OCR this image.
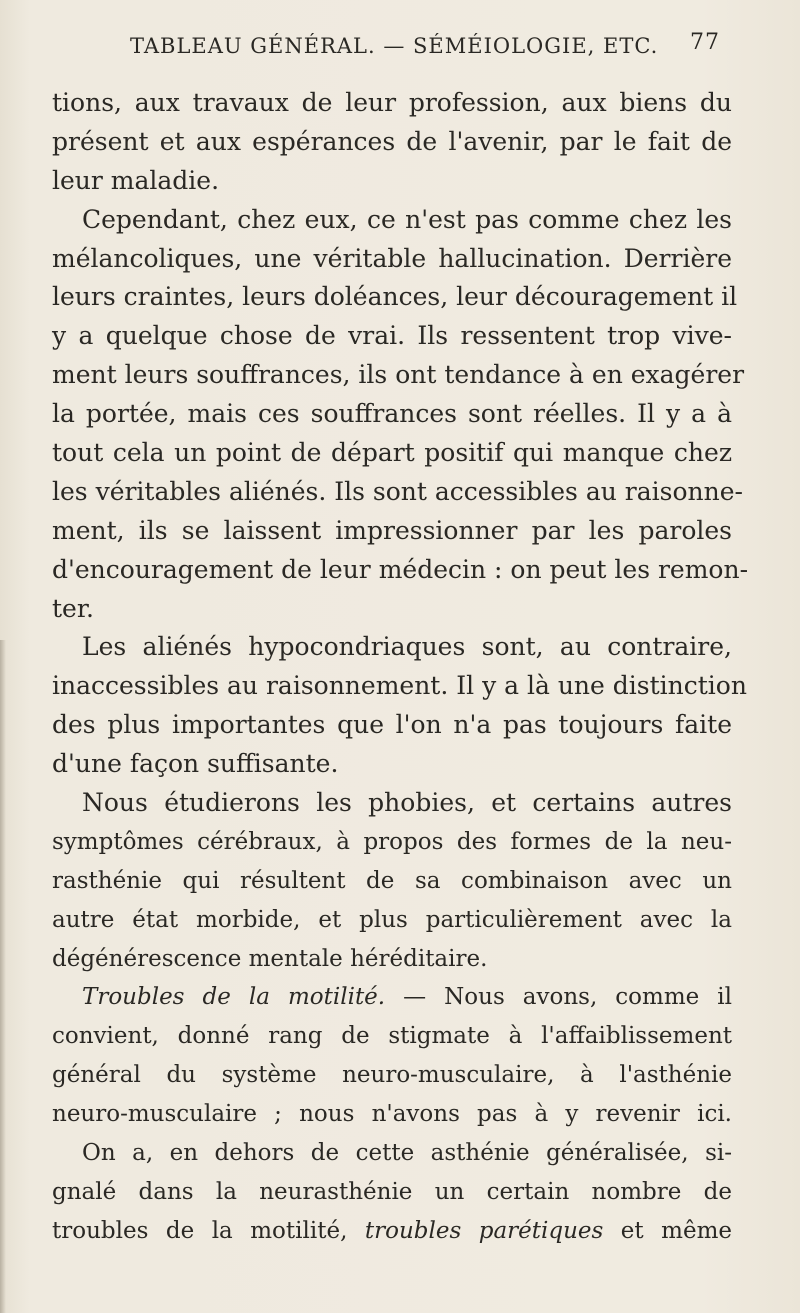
TABLEAU GÉNÉRAL. — SÉMÉIOLOGIE, ETC. 77
tions, aux travaux de leur profession, aux biens du
présent et aux espérances de l'avenir, par le fait de
leur maladie.
Cependant, chez eux, ce n'est pas comme chez les
mélancoliques, une véritable hallucination. Derrière
leurs craintes, leurs doléances, leur découragement il
y a quelque chose de vrai. Ils ressentent trop vive-
ment leurs souffrances, ils ont tendance à en exagérer
la portée, mais ces souffrances sont réelles. Il y a à
tout cela un point de départ positif qui manque chez
les véritables aliénés. Ils sont accessibles au raisonne-
ment, ils se laissent impressionner par les paroles
d'encouragement de leur médecin : on peut les remon-
ter.
Les aliénés hypocondriaques sont, au contraire,
inaccessibles au raisonnement. Il y a là une distinction
des plus importantes que l'on n'a pas toujours faite
d'une façon suffisante.
Nous étudierons les phobies, et certains autres
symptômes cérébraux, à propos des formes de la neu-
rasthénie qui résultent de sa combinaison avec un
autre état morbide, et plus particulièrement avec la
dégénérescence mentale héréditaire.
Troubles de la motilité. — Nous avons, comme il
convient, donné rang de stigmate à l'affaiblissement
général du système neuro-musculaire, à l'asthénie
neuro-musculaire ; nous n'avons pas à y revenir ici.
On a, en dehors de cette asthénie généralisée, si-
gnalé dans la neurasthénie un certain nombre de
troubles de la motilité, troubles parétiques et même
